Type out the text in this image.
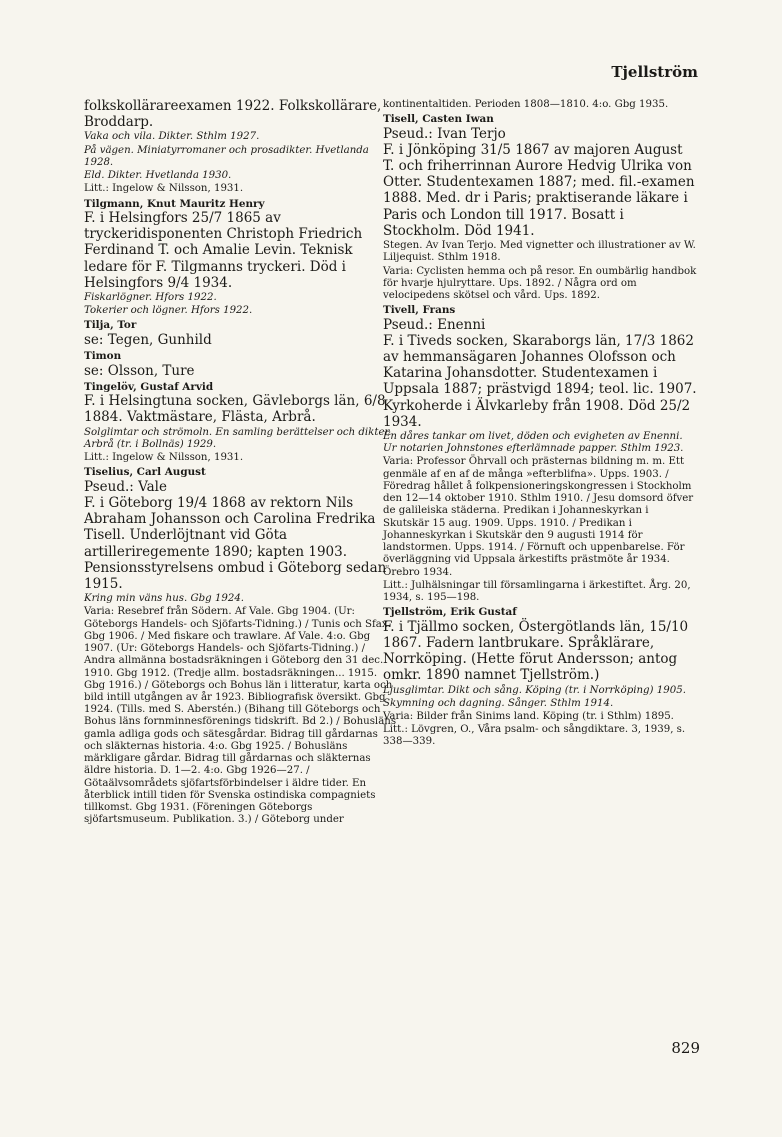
Tjellström

folkskollärareexamen 1922. Folkskollärare, Broddarp.

Vaka och vila. Dikter. Sthlm 1927.

På vägen. Miniatyrromaner och prosadikter. Hvetlanda 1928.

Eld. Dikter. Hvetlanda 1930.

Litt.: Ingelow & Nilsson, 1931.

Tilgmann, Knut Mauritz Henry

F. i Helsingfors 25/7 1865 av tryckeridisponenten Christoph Friedrich Ferdinand T. och Amalie Levin. Teknisk ledare för F. Tilgmanns tryckeri. Död i Helsingfors 9/4 1934.

Fiskarlögner. Hfors 1922.

Tokerier och lögner. Hfors 1922.

Tilja, Tor

se: Tegen, Gunhild

Timon

se: Olsson, Ture

Tingelöv, Gustaf Arvid

F. i Helsingtuna socken, Gävleborgs län, 6/8 1884. Vaktmästare, Flästa, Arbrå.

Solglimtar och strömoln. En samling berättelser och dikter. Arbrå (tr. i Bollnäs) 1929.

Litt.: Ingelow & Nilsson, 1931.

Tiselius, Carl August

Pseud.: Vale

F. i Göteborg 19/4 1868 av rektorn Nils Abraham Johansson och Carolina Fredrika Tisell. Underlöjtnant vid Göta artilleriregemente 1890; kapten 1903. Pensionsstyrelsens ombud i Göteborg sedan 1915.

Kring min väns hus. Gbg 1924.

Varia: Resebref från Södern. Af Vale. Gbg 1904. (Ur: Göteborgs Handels- och Sjöfarts-Tidning.) / Tunis och Sfax. Gbg 1906. / Med fiskare och trawlare. Af Vale. 4:o. Gbg 1907. (Ur: Göteborgs Handels- och Sjöfarts-Tidning.) / Andra allmänna bostadsräkningen i Göteborg den 31 dec. 1910. Gbg 1912. (Tredje allm. bostadsräkningen... 1915. Gbg 1916.) / Göteborgs och Bohus län i litteratur, karta och bild intill utgången av år 1923. Bibliografisk översikt. Gbg 1924. (Tills. med S. Aberstén.) (Bihang till Göteborgs och Bohus läns fornminnesförenings tidskrift. Bd 2.) / Bohusläns gamla adliga gods och sätesgårdar. Bidrag till gårdarnas och släkternas historia. 4:o. Gbg 1925. / Bohusläns märkligare gårdar. Bidrag till gårdarnas och släkternas äldre historia. D. 1—2. 4:o. Gbg 1926—27. / Götaälvsområdets sjöfartsförbindelser i äldre tider. En återblick intill tiden för Svenska ostindiska compagniets tillkomst. Gbg 1931. (Föreningen Göteborgs sjöfartsmuseum. Publikation. 3.) / Göteborg under

kontinentaltiden. Perioden 1808—1810. 4:o. Gbg 1935.

Tisell, Casten Iwan

Pseud.: Ivan Terjo

F. i Jönköping 31/5 1867 av majoren August T. och friherrinnan Aurore Hedvig Ulrika von Otter. Studentexamen 1887; med. fil.-examen 1888. Med. dr i Paris; praktiserande läkare i Paris och London till 1917. Bosatt i Stockholm. Död 1941.

Stegen. Av Ivan Terjo. Med vignetter och illustrationer av W. Liljequist. Sthlm 1918.

Varia: Cyclisten hemma och på resor. En oumbärlig handbok för hvarje hjulryttare. Ups. 1892. / Några ord om velocipedens skötsel och vård. Ups. 1892.

Tivell, Frans

Pseud.: Enenni

F. i Tiveds socken, Skaraborgs län, 17/3 1862 av hemmansägaren Johannes Olofsson och Katarina Johansdotter. Studentexamen i Uppsala 1887; prästvigd 1894; teol. lic. 1907. Kyrkoherde i Älvkarleby från 1908. Död 25/2 1934.

En dåres tankar om livet, döden och evigheten av Enenni. Ur notarien Johnstones efterlämnade papper. Sthlm 1923.

Varia: Professor Öhrvall och prästernas bildning m. m. Ett genmäle af en af de många »efterblifna». Upps. 1903. / Föredrag hållet å folkpensioneringskongressen i Stockholm den 12—14 oktober 1910. Sthlm 1910. / Jesu domsord öfver de galileiska städerna. Predikan i Johanneskyrkan i Skutskär 15 aug. 1909. Upps. 1910. / Predikan i Johanneskyrkan i Skutskär den 9 augusti 1914 för landstormen. Upps. 1914. / Förnuft och uppenbarelse. För överläggning vid Uppsala ärkestifts prästmöte år 1934. Örebro 1934.

Litt.: Julhälsningar till församlingarna i ärkestiftet. Årg. 20, 1934, s. 195—198.

Tjellström, Erik Gustaf

F. i Tjällmo socken, Östergötlands län, 15/10 1867. Fadern lantbrukare. Språklärare, Norrköping. (Hette förut Andersson; antog omkr. 1890 namnet Tjellström.)

Ljusglimtar. Dikt och sång. Köping (tr. i Norrköping) 1905.

Skymning och dagning. Sånger. Sthlm 1914.

Varia: Bilder från Sinims land. Köping (tr. i Sthlm) 1895.

Litt.: Lövgren, O., Våra psalm- och sångdiktare. 3, 1939, s. 338—339.

829
